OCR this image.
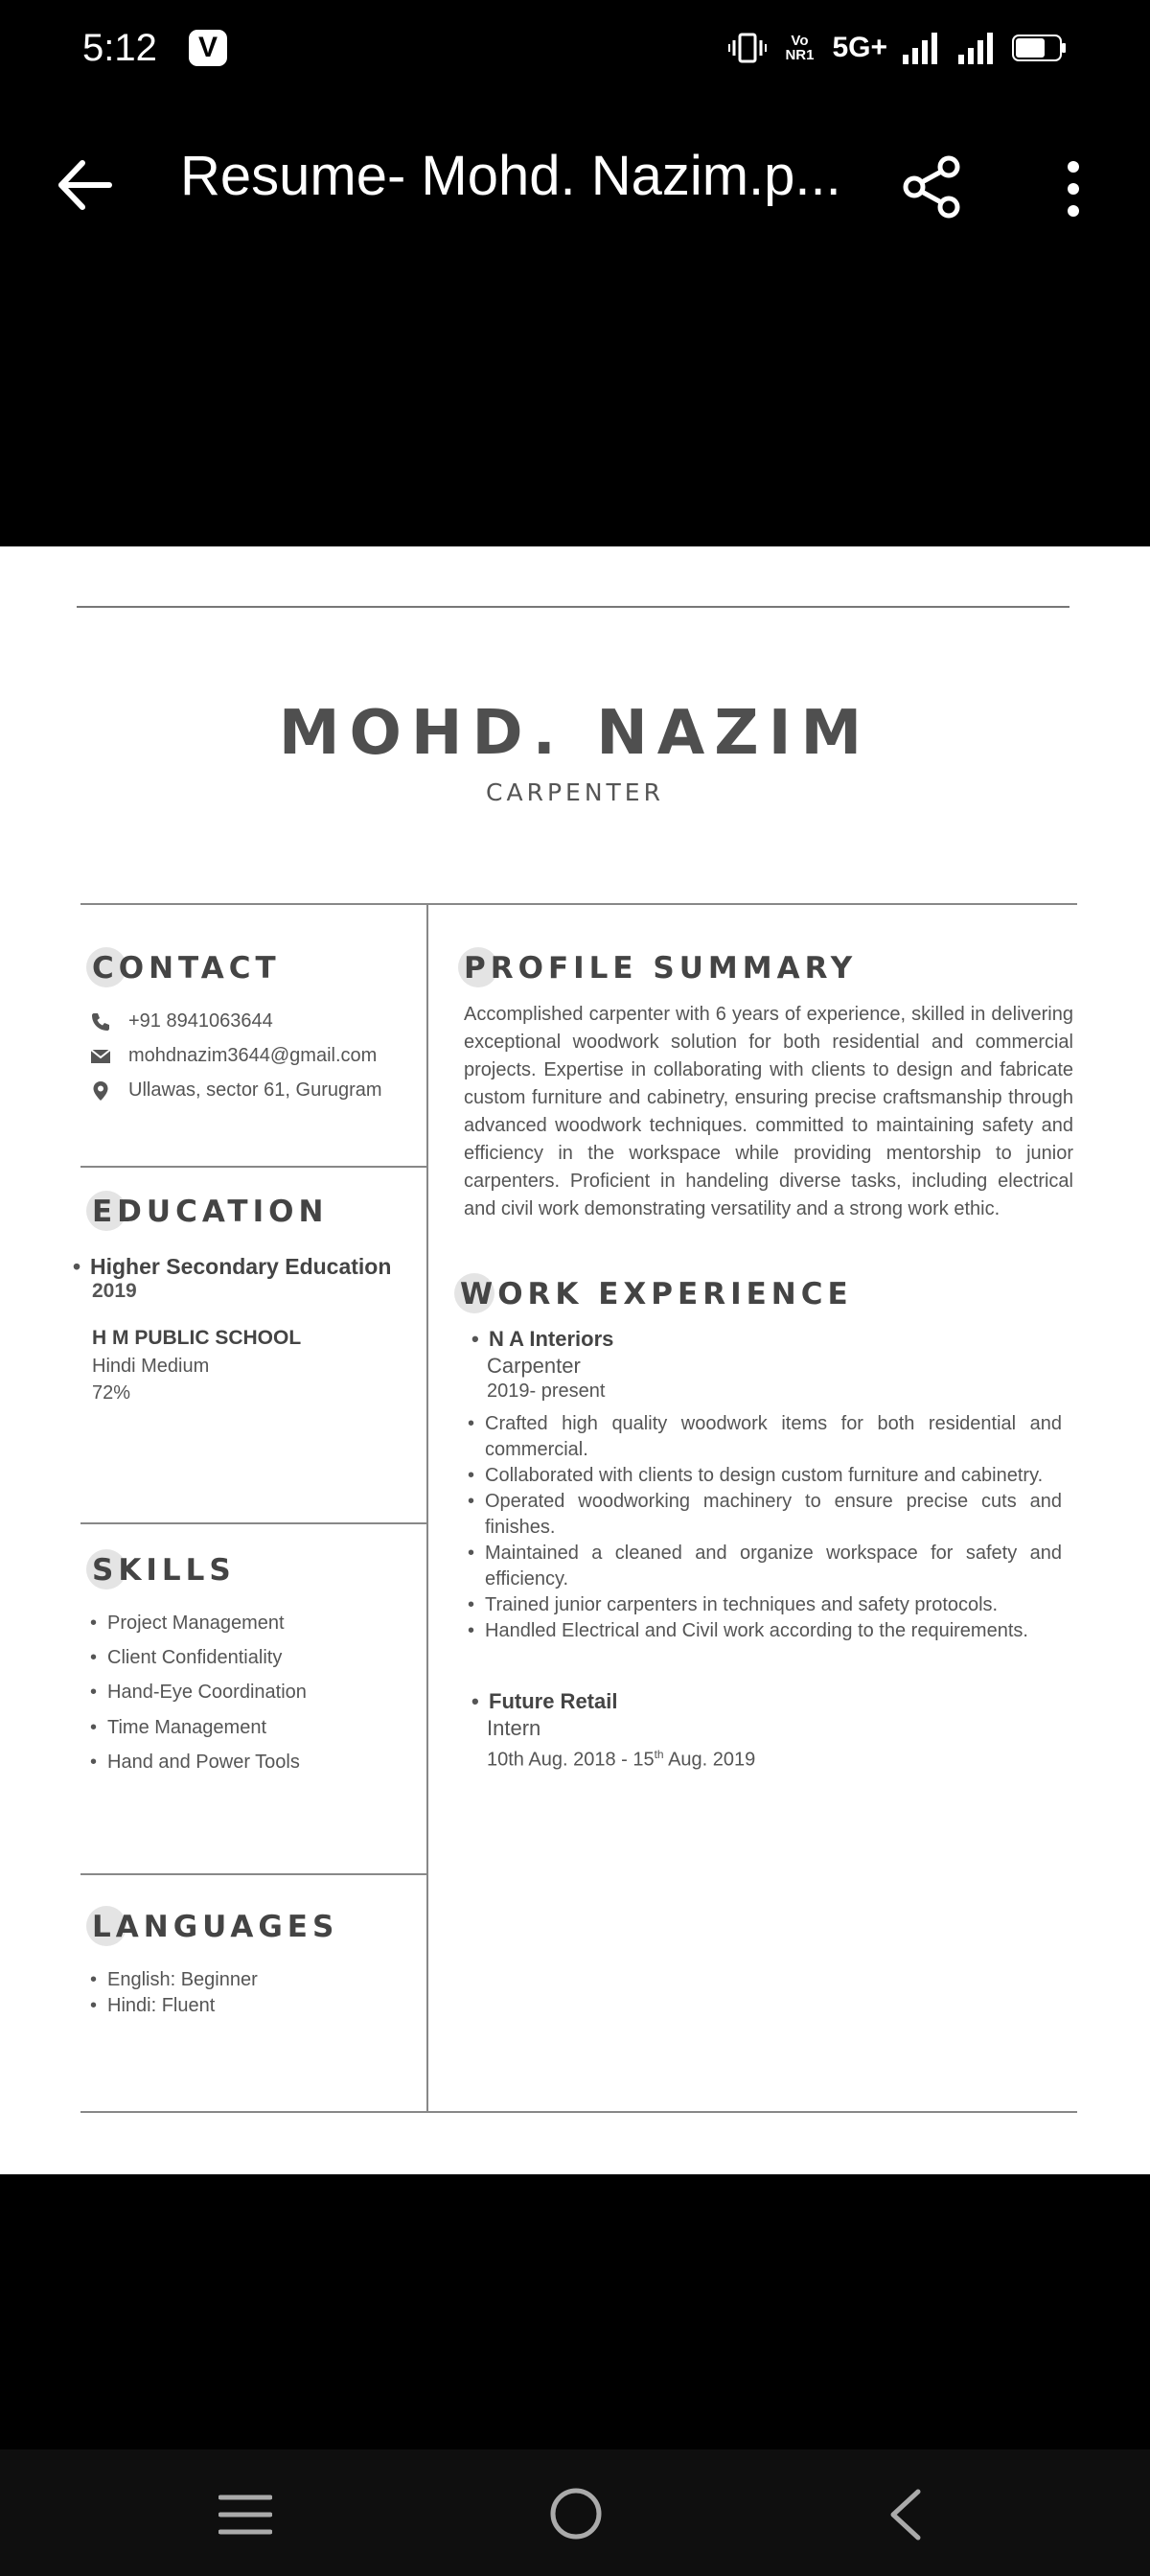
5:12	V	Vo
NR1 5G+
Resume- Mohd. Nazim.p...
MOHD. NAZIM
CARPENTER
CONTACT
+91 8941063644
mohdnazim3644@gmail.com
Ullawas, sector 61, Gurugram
EDUCATION
• Higher Secondary Education
2019
H M PUBLIC SCHOOL
Hindi Medium
72%
SKILLS
• Project Management
• Client Confidentiality
• Hand-Eye Coordination
• Time Management
• Hand and Power Tools
LANGUAGES
• English: Beginner
• Hindi: Fluent
PROFILE SUMMARY
Accomplished carpenter with 6 years of experience, skilled in delivering exceptional woodwork solution for both residential and commercial projects. Expertise in collaborating with clients to design and fabricate custom furniture and cabinetry, ensuring precise craftsmanship through advanced woodwork techniques. committed to maintaining safety and efficiency in the workspace while providing mentorship to junior carpenters. Proficient in handeling diverse tasks, including electrical and civil work demonstrating versatility and a strong work ethic.
WORK EXPERIENCE
• N A Interiors
Carpenter
2019- present
• Crafted high quality woodwork items for both residential and commercial.
• Collaborated with clients to design custom furniture and cabinetry.
• Operated woodworking machinery to ensure precise cuts and finishes.
• Maintained a cleaned and organize workspace for safety and efficiency.
• Trained junior carpenters in techniques and safety protocols.
• Handled Electrical and Civil work according to the requirements.
• Future Retail
Intern
10th Aug. 2018 - 15th Aug. 2019
